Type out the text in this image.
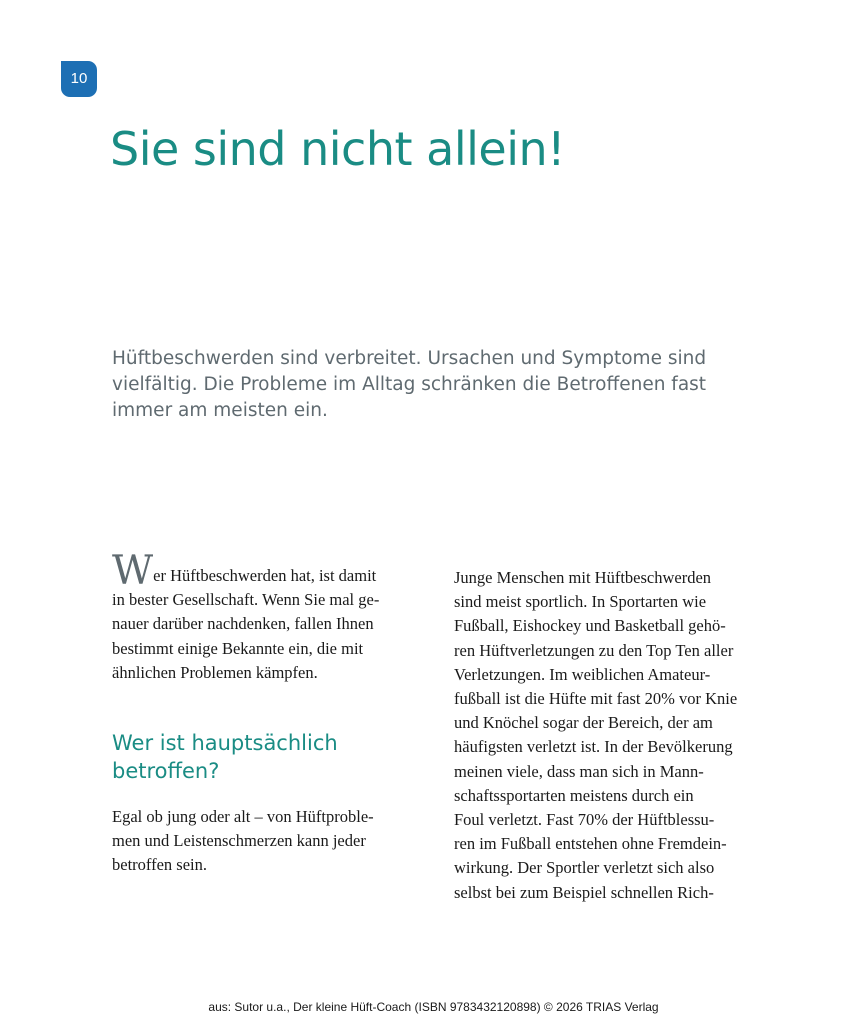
10
Sie sind nicht allein!

Hüftbeschwerden sind verbreitet. Ursachen und Symptome sind
vielfältig. Die Probleme im Alltag schränken die Betroffenen fast
immer am meisten ein.

Wer Hüftbeschwerden hat, ist damit
in bester Gesellschaft. Wenn Sie mal ge-
nauer darüber nachdenken, fallen Ihnen
bestimmt einige Bekannte ein, die mit
ähnlichen Problemen kämpfen.
Wer ist hauptsächlich
betroffen?
Egal ob jung oder alt – von Hüftproble-
men und Leistenschmerzen kann jeder
betroffen sein.
Junge Menschen mit Hüftbeschwerden
sind meist sportlich. In Sportarten wie
Fußball, Eishockey und Basketball gehö-
ren Hüftverletzungen zu den Top Ten aller
Verletzungen. Im weiblichen Amateur-
fußball ist die Hüfte mit fast 20% vor Knie
und Knöchel sogar der Bereich, der am
häufigsten verletzt ist. In der Bevölkerung
meinen viele, dass man sich in Mann-
schaftssportarten meistens durch ein
Foul verletzt. Fast 70% der Hüftblessu-
ren im Fußball entstehen ohne Fremdein-
wirkung. Der Sportler verletzt sich also
selbst bei zum Beispiel schnellen Rich-
aus: Sutor u.a., Der kleine Hüft-Coach (ISBN 9783432120898) © 2026 TRIAS Verlag
